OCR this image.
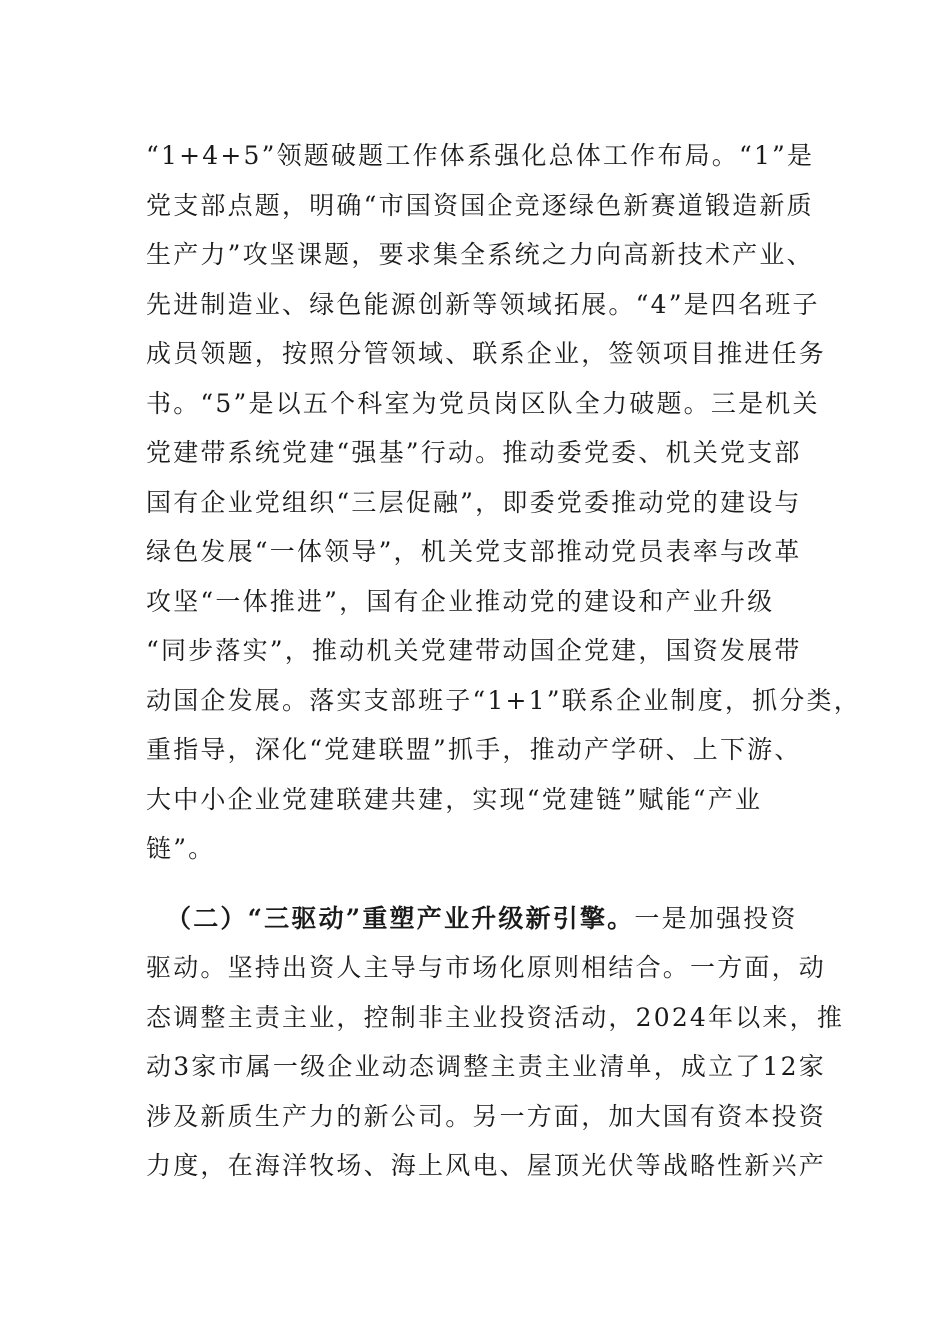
“1+4+5”领题破题工作体系强化总体工作布局。“1”是
党支部点题，明确“市国资国企竞逐绿色新赛道锻造新质
生产力”攻坚课题，要求集全系统之力向高新技术产业、
先进制造业、绿色能源创新等领域拓展。“4”是四名班子
成员领题，按照分管领域、联系企业，签领项目推进任务
书。“5”是以五个科室为党员岗区队全力破题。三是机关
党建带系统党建“强基”行动。推动委党委、机关党支部
国有企业党组织“三层促融”，即委党委推动党的建设与
绿色发展“一体领导”，机关党支部推动党员表率与改革
攻坚“一体推进”，国有企业推动党的建设和产业升级
“同步落实”，推动机关党建带动国企党建，国资发展带
动国企发展。落实支部班子“1+1”联系企业制度，抓分类，
重指导，深化“党建联盟”抓手，推动产学研、上下游、
大中小企业党建联建共建，实现“党建链”赋能“产业
链”。
（二）“三驱动”重塑产业升级新引擎。一是加强投资
驱动。坚持出资人主导与市场化原则相结合。一方面，动
态调整主责主业，控制非主业投资活动，2024年以来，推
动3家市属一级企业动态调整主责主业清单，成立了12家
涉及新质生产力的新公司。另一方面，加大国有资本投资
力度，在海洋牧场、海上风电、屋顶光伏等战略性新兴产
